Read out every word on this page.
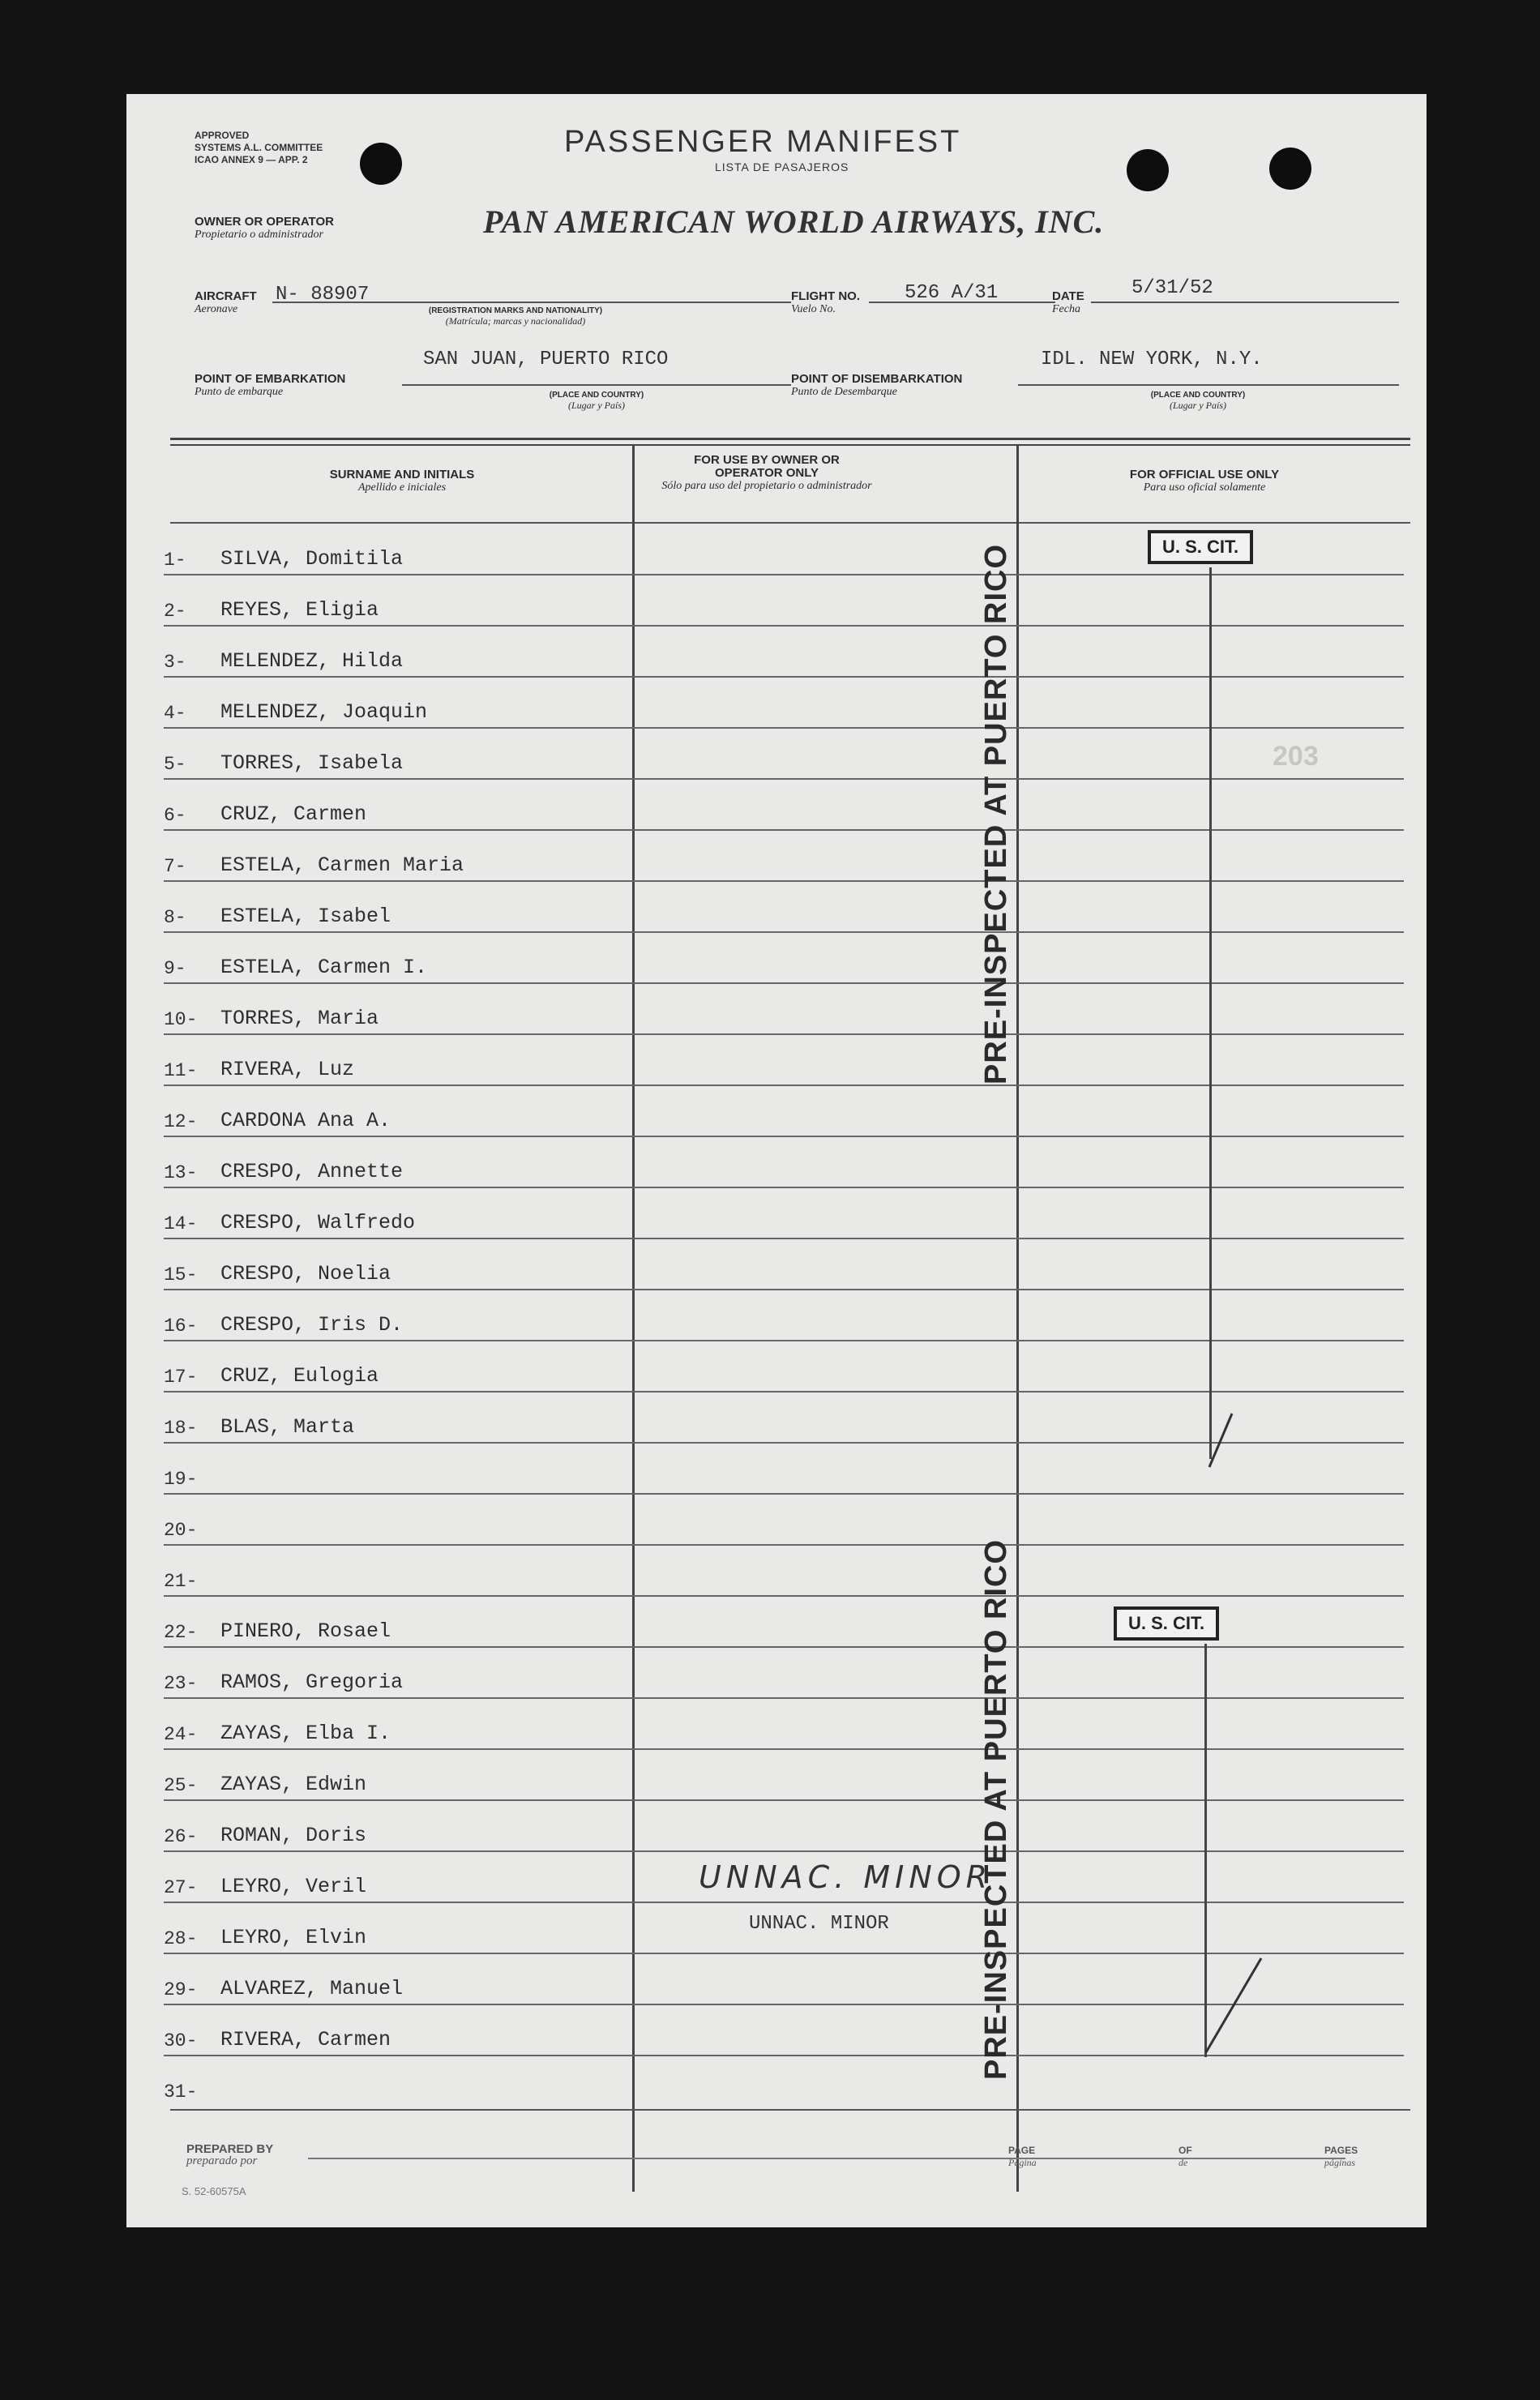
APPROVED
SYSTEMS A.L. COMMITTEE
ICAO ANNEX 9 — APP. 2
PASSENGER MANIFEST
LISTA DE PASAJEROS
OWNER OR OPERATOR
Propietario o administrador	PAN AMERICAN WORLD AIRWAYS, INC.
AIRCRAFT
Aeronave
N- 88907
(REGISTRATION MARKS AND NATIONALITY)
(Matrícula; marcas y nacionalidad)
FLIGHT NO.
Vuelo No.
526 A/31	DATE
Fecha
5/31/52
SAN JUAN, PUERTO RICO
POINT OF EMBARKATION
Punto de embarque	(PLACE AND COUNTRY)
(Lugar y País)
POINT OF DISEMBARKATION
Punto de Desembarque
IDL. NEW YORK, N.Y.
(PLACE AND COUNTRY)
(Lugar y País)
SURNAME AND INITIALS
Apellido e iniciales
FOR USE BY OWNER OR OPERATOR ONLY
Sólo para uso del propietario o administrador
FOR OFFICIAL USE ONLY
Para uso oficial solamente
1-	SILVA, Domitila
2-	REYES, Eligia
3-	MELENDEZ, Hilda
4-	MELENDEZ, Joaquin
5-	TORRES, Isabela
6-	CRUZ, Carmen
7-	ESTELA, Carmen Maria
8-	ESTELA, Isabel
9-	ESTELA, Carmen I.
10-	TORRES, Maria
11-	RIVERA, Luz
12-	CARDONA Ana A.
13-	CRESPO, Annette
14-	CRESPO, Walfredo
15-	CRESPO, Noelia
16-	CRESPO, Iris D.
17-	CRUZ, Eulogia
18-	BLAS, Marta
19-
20-
21-
22-	PINERO, Rosael
23-	RAMOS, Gregoria
24-	ZAYAS, Elba I.
25-	ZAYAS, Edwin
26-	ROMAN, Doris
27-	LEYRO, Veril
28-	LEYRO, Elvin
29-	ALVAREZ, Manuel
30-	RIVERA, Carmen
31-
PRE-INSPECTED AT PUERTO RICO
PRE-INSPECTED AT PUERTO RICO
U. S. CIT.
U. S. CIT.
203
UNNAC. MINOR
UNNAC. MINOR
PREPARED BY
preparado por
PAGE
Página
OF
de
PAGES
páginas
S. 52-60575A
